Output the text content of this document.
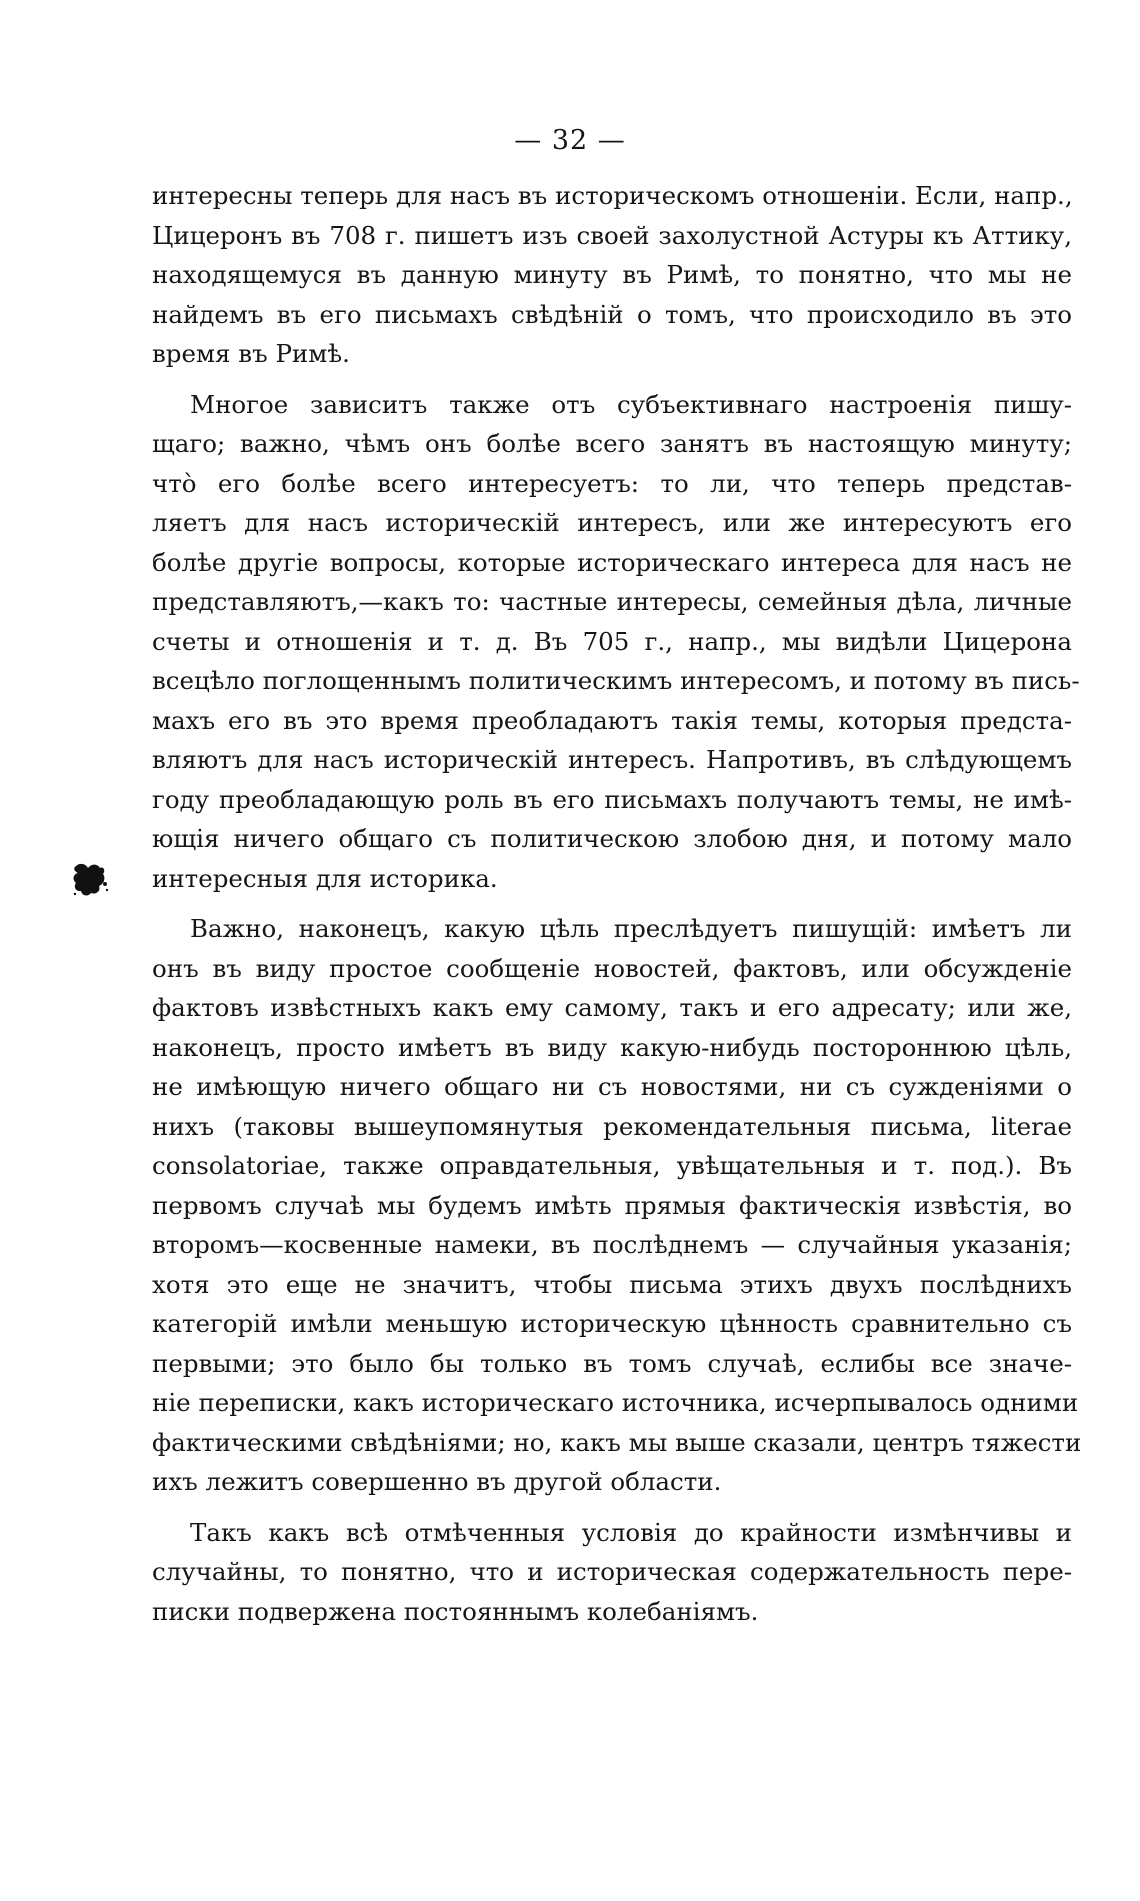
— 32 —
интересны теперь для насъ въ историческомъ отношеніи. Если, напр.,
Цицеронъ въ 708 г. пишетъ изъ своей захолустной Астуры къ Аттику,
находящемуся въ данную минуту въ Римѣ, то понятно, что мы не
найдемъ въ его письмахъ свѣдѣній о томъ, что происходило въ это
время въ Римѣ.
Многое зависитъ также отъ субъективнаго настроенія пишу-
щаго; важно, чѣмъ онъ болѣе всего занятъ въ настоящую минуту;
что̀ его болѣе всего интересуетъ: то ли, что теперь представ-
ляетъ для насъ историческій интересъ, или же интересуютъ его
болѣе другіе вопросы, которые историческаго интереса для насъ не
представляютъ,—какъ то: частные интересы, семейныя дѣла, личные
счеты и отношенія и т. д. Въ 705 г., напр., мы видѣли Цицерона
всецѣло поглощеннымъ политическимъ интересомъ, и потому въ пись-
махъ его въ это время преобладаютъ такія темы, которыя предста-
вляютъ для насъ историческій интересъ. Напротивъ, въ слѣдующемъ
году преобладающую роль въ его письмахъ получаютъ темы, не имѣ-
ющія ничего общаго съ политическою злобою дня, и потому мало
интересныя для историка.
Важно, наконецъ, какую цѣль преслѣдуетъ пишущій: имѣетъ ли
онъ въ виду простое сообщеніе новостей, фактовъ, или обсужденіе
фактовъ извѣстныхъ какъ ему самому, такъ и его адресату; или же,
наконецъ, просто имѣетъ въ виду какую-нибудь постороннюю цѣль,
не имѣющую ничего общаго ни съ новостями, ни съ сужденіями о
нихъ (таковы вышеупомянутыя рекомендательныя письма, literae
consolatoriae, также оправдательныя, увѣщательныя и т. под.). Въ
первомъ случаѣ мы будемъ имѣть прямыя фактическія извѣстія, во
второмъ—косвенные намеки, въ послѣднемъ — случайныя указанія;
хотя это еще не значитъ, чтобы письма этихъ двухъ послѣднихъ
категорій имѣли меньшую историческую цѣнность сравнительно съ
первыми; это было бы только въ томъ случаѣ, еслибы все значе-
ніе переписки, какъ историческаго источника, исчерпывалось одними
фактическими свѣдѣніями; но, какъ мы выше сказали, центръ тяжести
ихъ лежитъ совершенно въ другой области.
Такъ какъ всѣ отмѣченныя условія до крайности измѣнчивы и
случайны, то понятно, что и историческая содержательность пере-
писки подвержена постояннымъ колебаніямъ.
